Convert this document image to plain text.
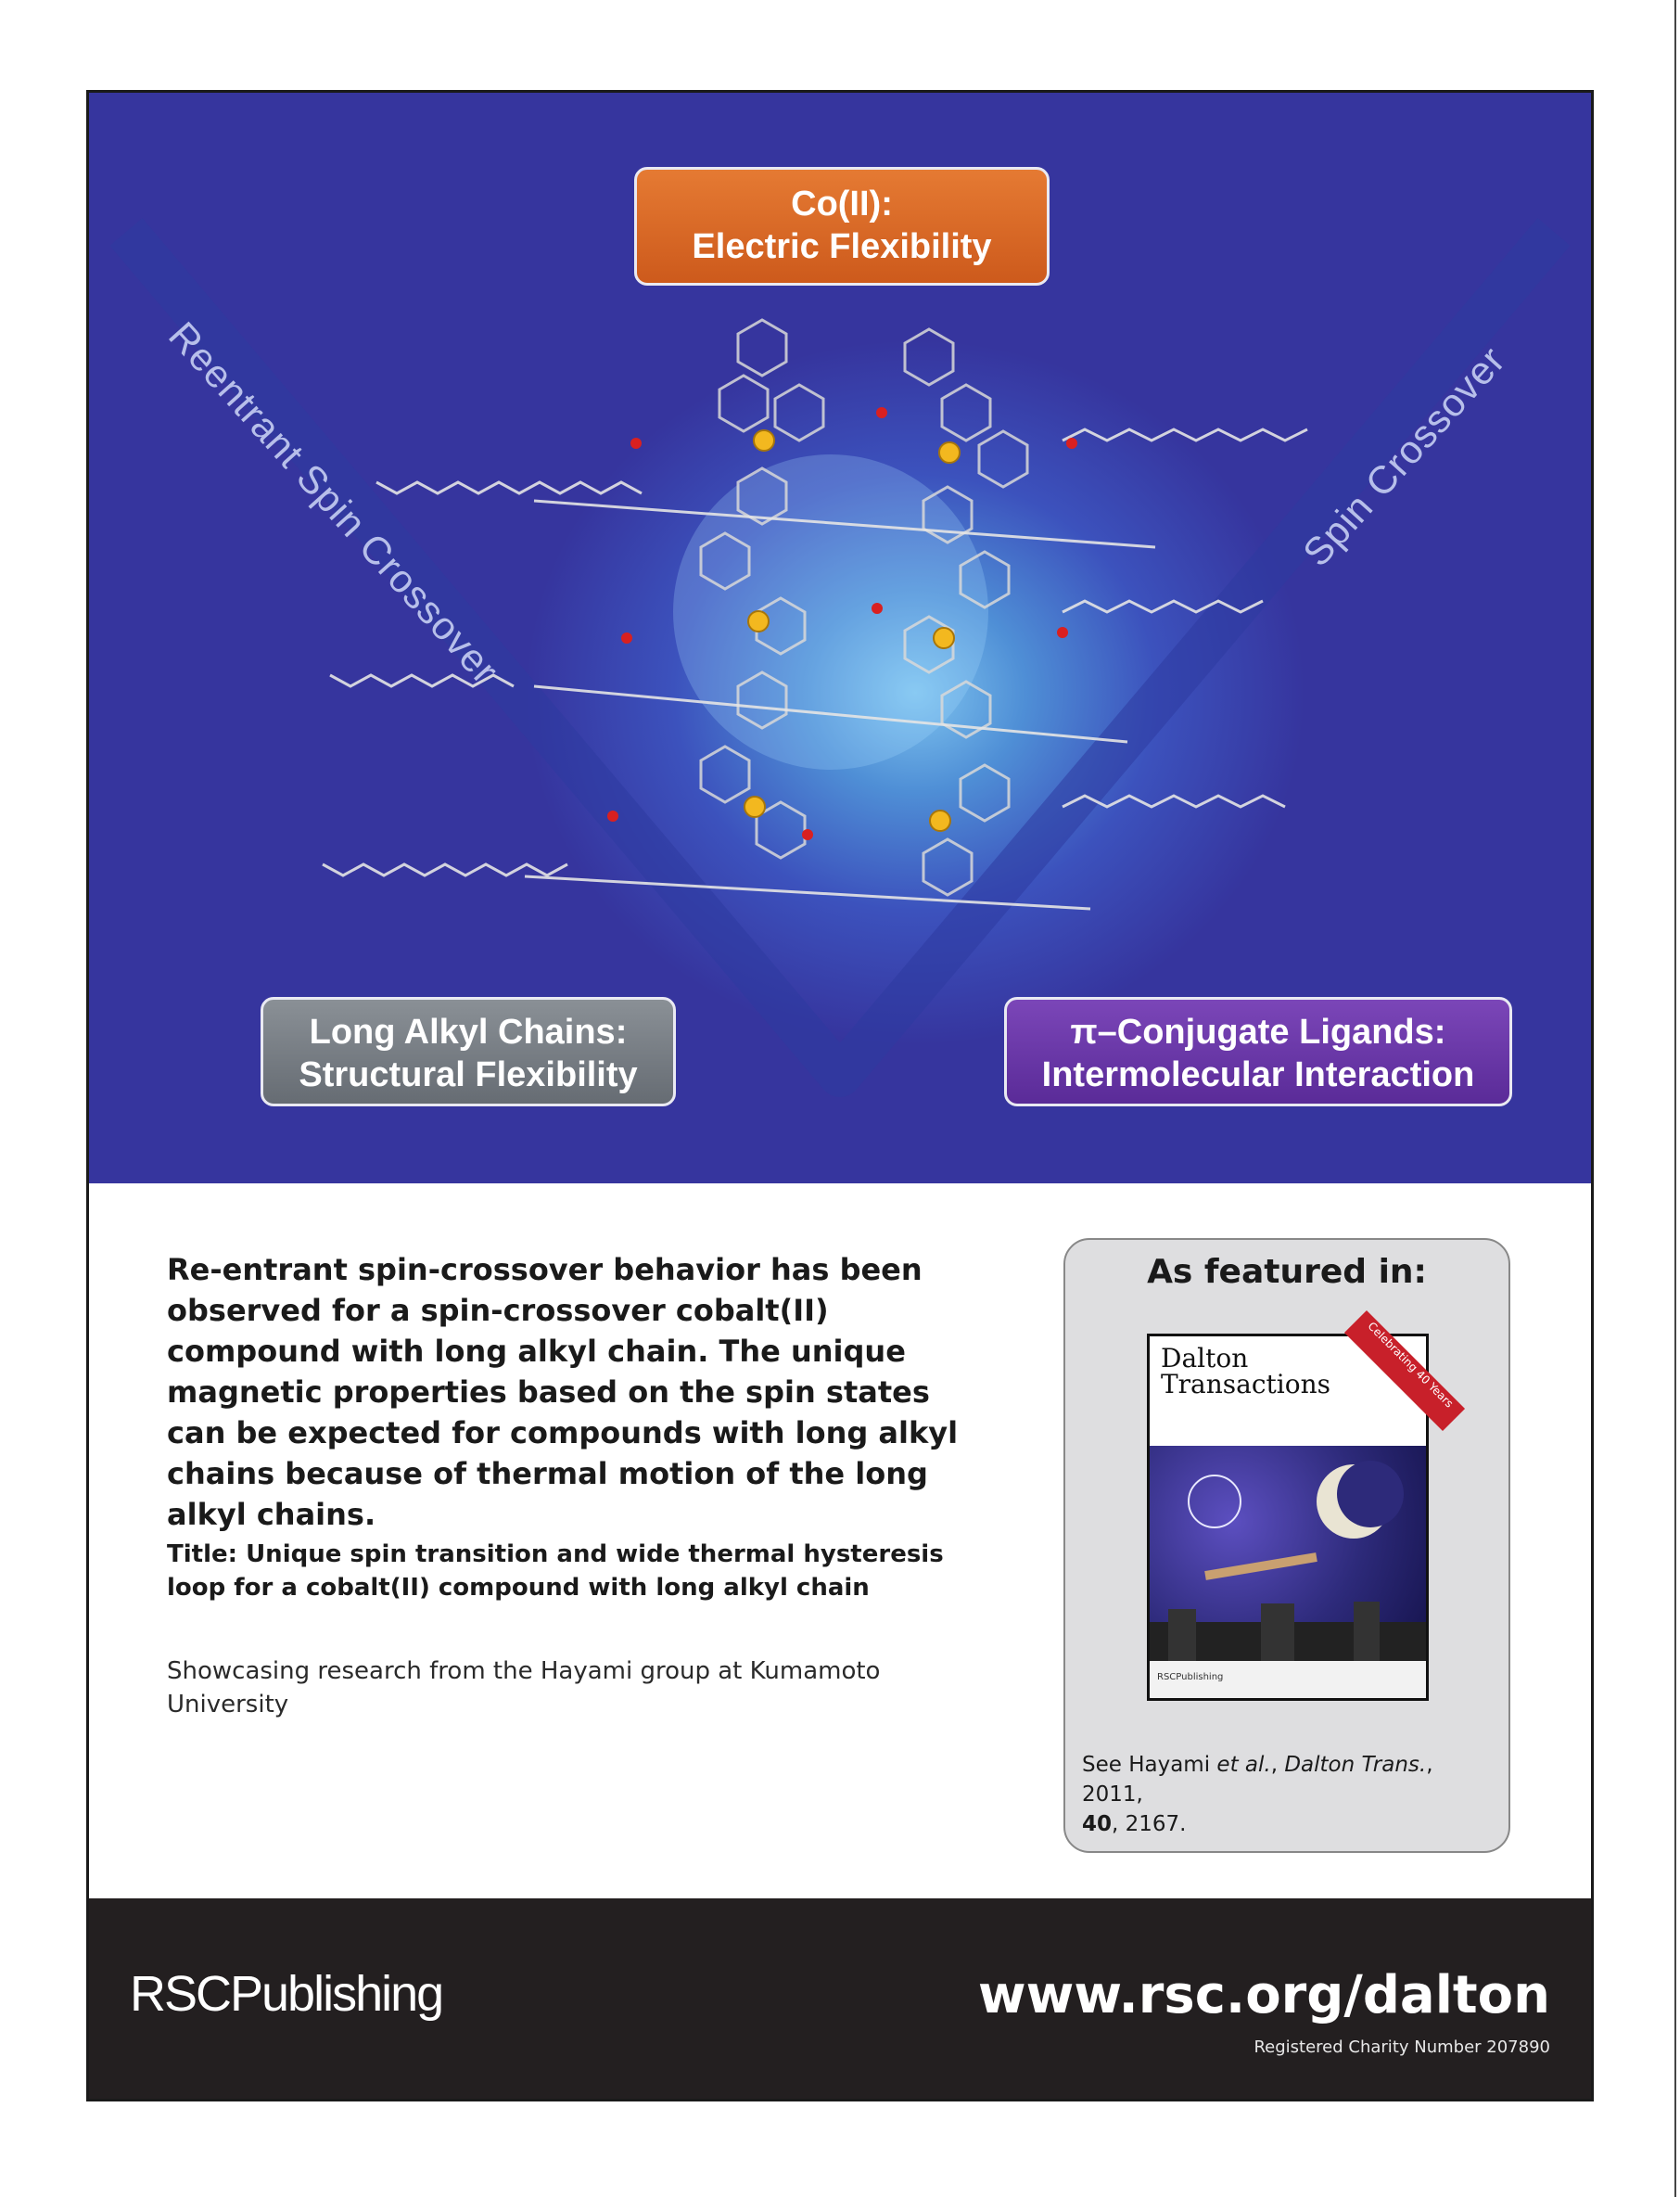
Reentrant Spin Crossover	Spin Crossover
Co(II):
Electric Flexibility
Long Alkyl Chains:
Structural Flexibility
π–Conjugate Ligands:
Intermolecular Interaction
Re-entrant spin-crossover behavior has been observed for a spin-crossover cobalt(II) compound with long alkyl chain. The unique magnetic properties based on the spin states can be expected for compounds with long alkyl chains because of thermal motion of the long alkyl chains.
Title: Unique spin transition and wide thermal hysteresis loop for a cobalt(II) compound with long alkyl chain
Showcasing research from the Hayami group at Kumamoto University
As featured in:
Dalton
Transactions	Celebrating 40 Years
RSCPublishing
See Hayami et al., Dalton Trans., 2011,
40, 2167.
RSCPublishing	www.rsc.org/dalton
Registered Charity Number 207890
